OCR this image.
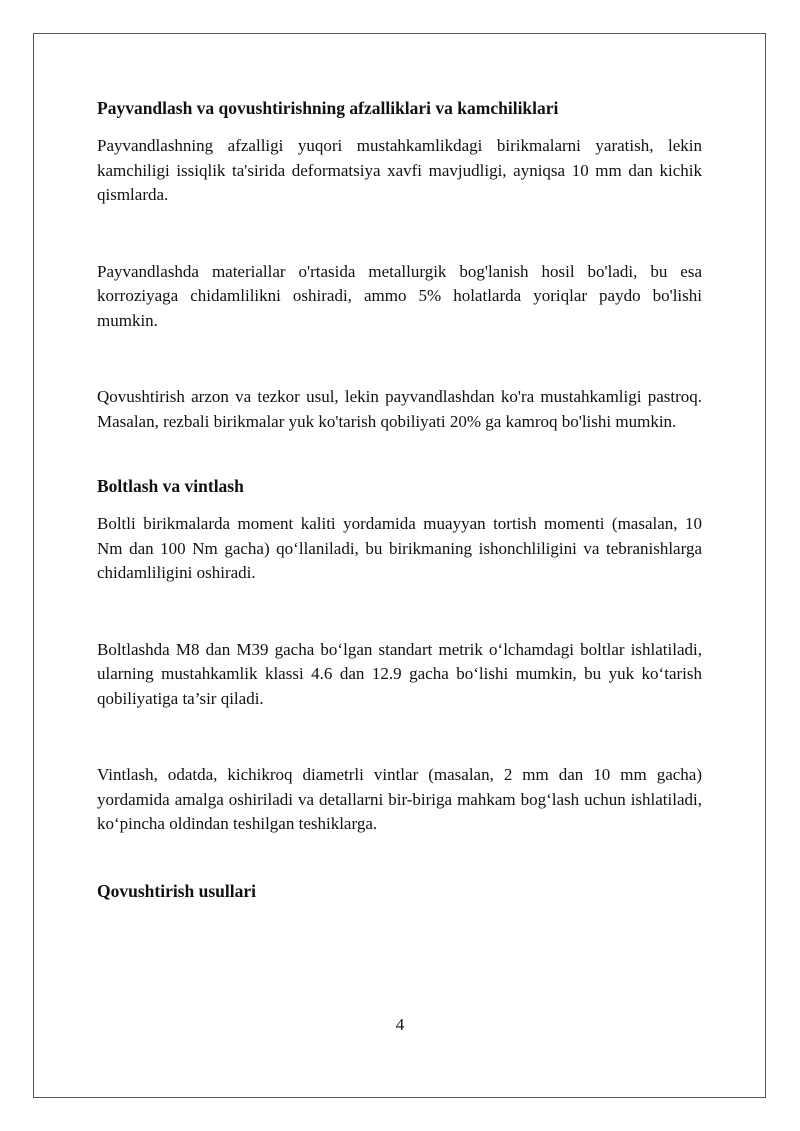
Payvandlash va qovushtirishning afzalliklari va kamchiliklari

Payvandlashning afzalligi yuqori mustahkamlikdagi birikmalarni yaratish, lekin kamchiligi issiqlik ta'sirida deformatsiya xavfi mavjudligi, ayniqsa 10 mm dan kichik qismlarda.

Payvandlashda materiallar o'rtasida metallurgik bog'lanish hosil bo'ladi, bu esa korroziyaga chidamlilikni oshiradi, ammo 5% holatlarda yoriqlar paydo bo'lishi mumkin.

Qovushtirish arzon va tezkor usul, lekin payvandlashdan ko'ra mustahkamligi pastroq. Masalan, rezbali birikmalar yuk ko'tarish qobiliyati 20% ga kamroq bo'lishi mumkin.

Boltlash va vintlash

Boltli birikmalarda moment kaliti yordamida muayyan tortish momenti (masalan, 10 Nm dan 100 Nm gacha) qo‘llaniladi, bu birikmaning ishonchliligini va tebranishlarga chidamliligini oshiradi.

Boltlashda M8 dan M39 gacha bo‘lgan standart metrik o‘lchamdagi boltlar ishlatiladi, ularning mustahkamlik klassi 4.6 dan 12.9 gacha bo‘lishi mumkin, bu yuk ko‘tarish qobiliyatiga ta’sir qiladi.

Vintlash, odatda, kichikroq diametrli vintlar (masalan, 2 mm dan 10 mm gacha) yordamida amalga oshiriladi va detallarni bir-biriga mahkam bog‘lash uchun ishlatiladi, ko‘pincha oldindan teshilgan teshiklarga.

Qovushtirish usullari
4
